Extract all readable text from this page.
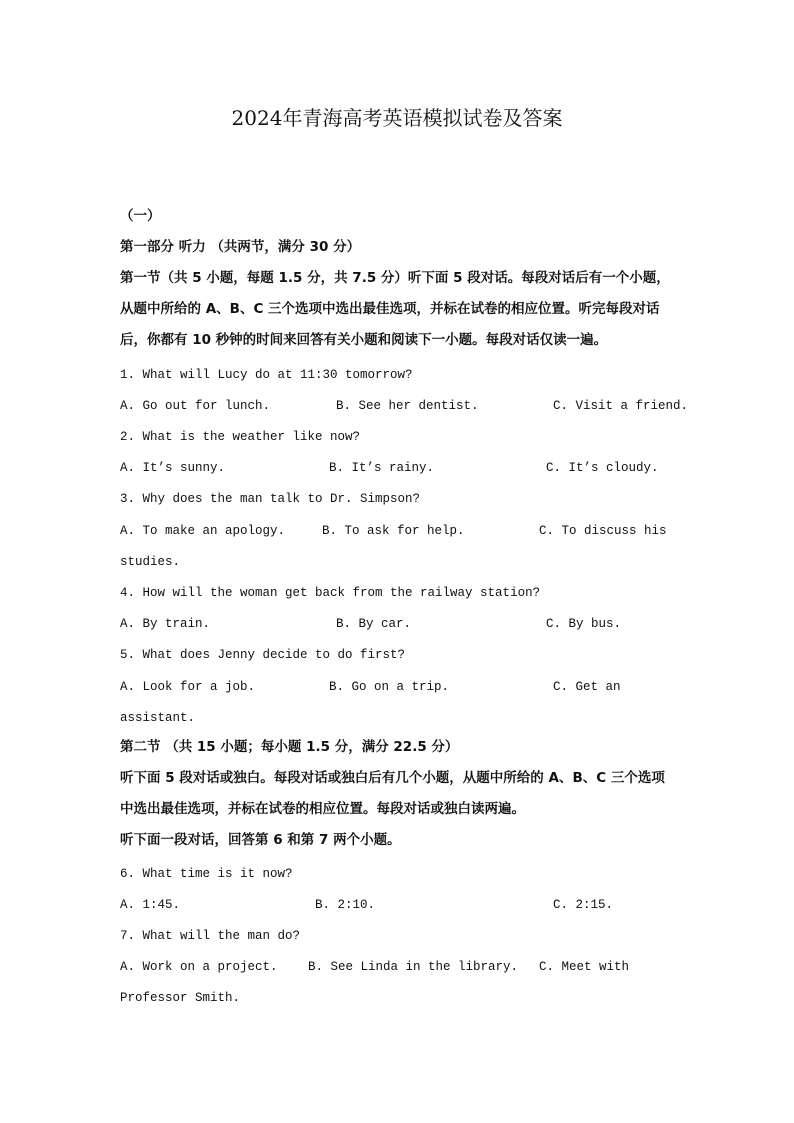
2024年青海高考英语模拟试卷及答案
（一）
第一部分 听力 （共两节，满分 30 分）
第一节（共 5 小题，每题 1.5 分，共 7.5 分）听下面 5 段对话。每段对话后有一个小题，
从题中所给的 A、B、C 三个选项中选出最佳选项，并标在试卷的相应位置。听完每段对话
后，你都有 10 秒钟的时间来回答有关小题和阅读下一小题。每段对话仅读一遍。
1. What will Lucy do at 11:30 tomorrow?
A. Go out for lunch.	B. See her dentist.	C. Visit a friend.
2. What is the weather like now?
A. It’s sunny.	B. It’s rainy.	C. It’s cloudy.
3. Why does the man talk to Dr. Simpson?
A. To make an apology.	B. To ask for help.	C. To discuss his
studies.
4. How will the woman get back from the railway station?
A. By train.	B. By car.	C. By bus.
5. What does Jenny decide to do first?
A. Look for a job.	B. Go on a trip.	C. Get an
assistant.
第二节 （共 15 小题；每小题 1.5 分，满分 22.5 分）
听下面 5 段对话或独白。每段对话或独白后有几个小题，从题中所给的 A、B、C 三个选项
中选出最佳选项，并标在试卷的相应位置。每段对话或独白读两遍。
听下面一段对话，回答第 6 和第 7 两个小题。
6. What time is it now?
A. 1:45.	B. 2:10.	C. 2:15.
7. What will the man do?
A. Work on a project. B. See Linda in the library. C. Meet with
Professor Smith.
